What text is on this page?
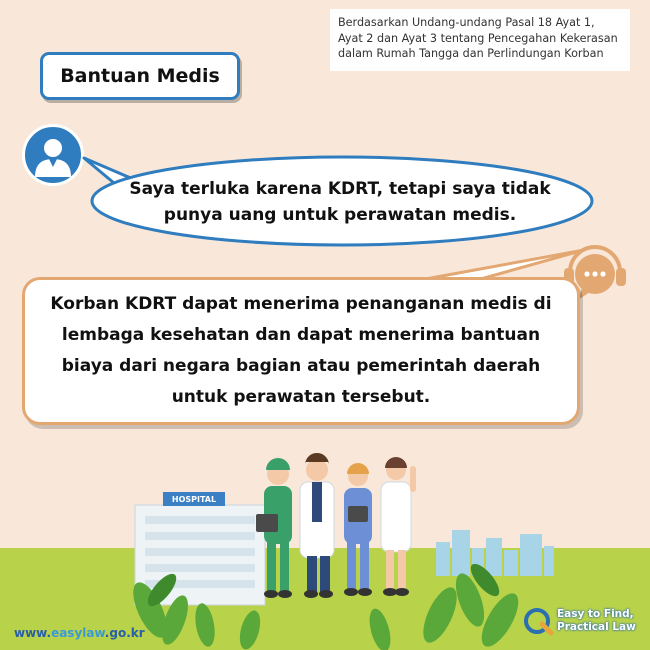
Berdasarkan Undang-undang Pasal 18 Ayat 1, Ayat 2 dan Ayat 3 tentang Pencegahan Kekerasan dalam Rumah Tangga dan Perlindungan Korban
Bantuan Medis
Saya terluka karena KDRT, tetapi saya tidak
punya uang untuk perawatan medis.
Korban KDRT dapat menerima penanganan medis di
lembaga kesehatan dan dapat menerima bantuan
biaya dari negara bagian atau pemerintah daerah
untuk perawatan tersebut.
HOSPITAL
www.easylaw.go.kr
Easy to Find,
Practical Law
